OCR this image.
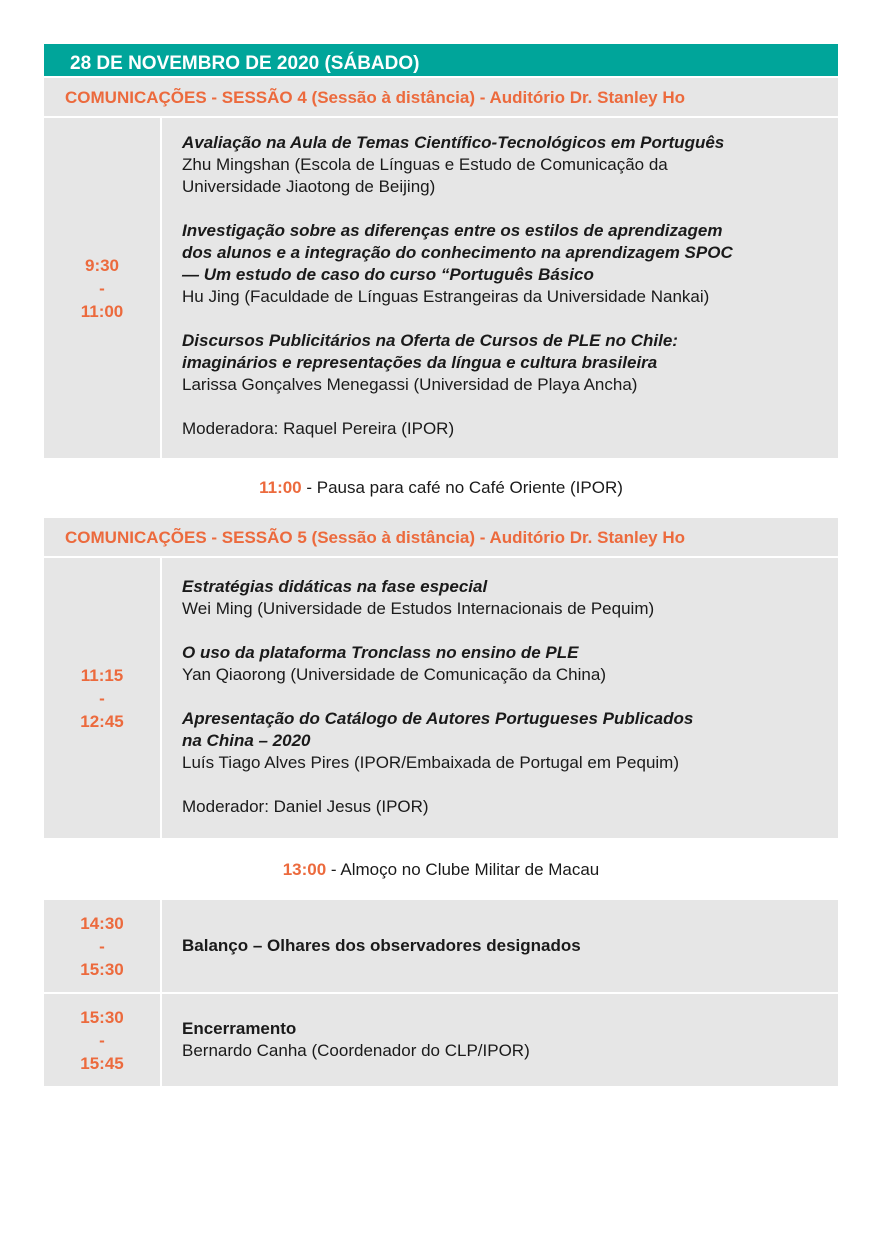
28 DE NOVEMBRO DE 2020 (SÁBADO)
COMUNICAÇÕES - SESSÃO 4 (Sessão à distância) - Auditório Dr. Stanley Ho
9:30
-
11:00
Avaliação na Aula de Temas Científico-Tecnológicos em Português
Zhu Mingshan (Escola de Línguas e Estudo de Comunicação da
Universidade Jiaotong de Beijing)
Investigação sobre as diferenças entre os estilos de aprendizagem
dos alunos e a integração do conhecimento na aprendizagem SPOC
— Um estudo de caso do curso “Português Básico
Hu Jing (Faculdade de Línguas Estrangeiras da Universidade Nankai)
Discursos Publicitários na Oferta de Cursos de PLE no Chile:
imaginários e representações da língua e cultura brasileira
Larissa Gonçalves Menegassi (Universidad de Playa Ancha)
Moderadora: Raquel Pereira (IPOR)
11:00 - Pausa para café no Café Oriente (IPOR)
COMUNICAÇÕES - SESSÃO 5 (Sessão à distância) - Auditório Dr. Stanley Ho
11:15
-
12:45
Estratégias didáticas na fase especial
Wei Ming (Universidade de Estudos Internacionais de Pequim)
O uso da plataforma Tronclass no ensino de PLE
Yan Qiaorong (Universidade de Comunicação da China)
Apresentação do Catálogo de Autores Portugueses Publicados
na China – 2020
Luís Tiago Alves Pires (IPOR/Embaixada de Portugal em Pequim)
Moderador: Daniel Jesus (IPOR)
13:00 - Almoço no Clube Militar de Macau
14:30
-
15:30
Balanço – Olhares dos observadores designados
15:30
-
15:45
Encerramento
Bernardo Canha (Coordenador do CLP/IPOR)
